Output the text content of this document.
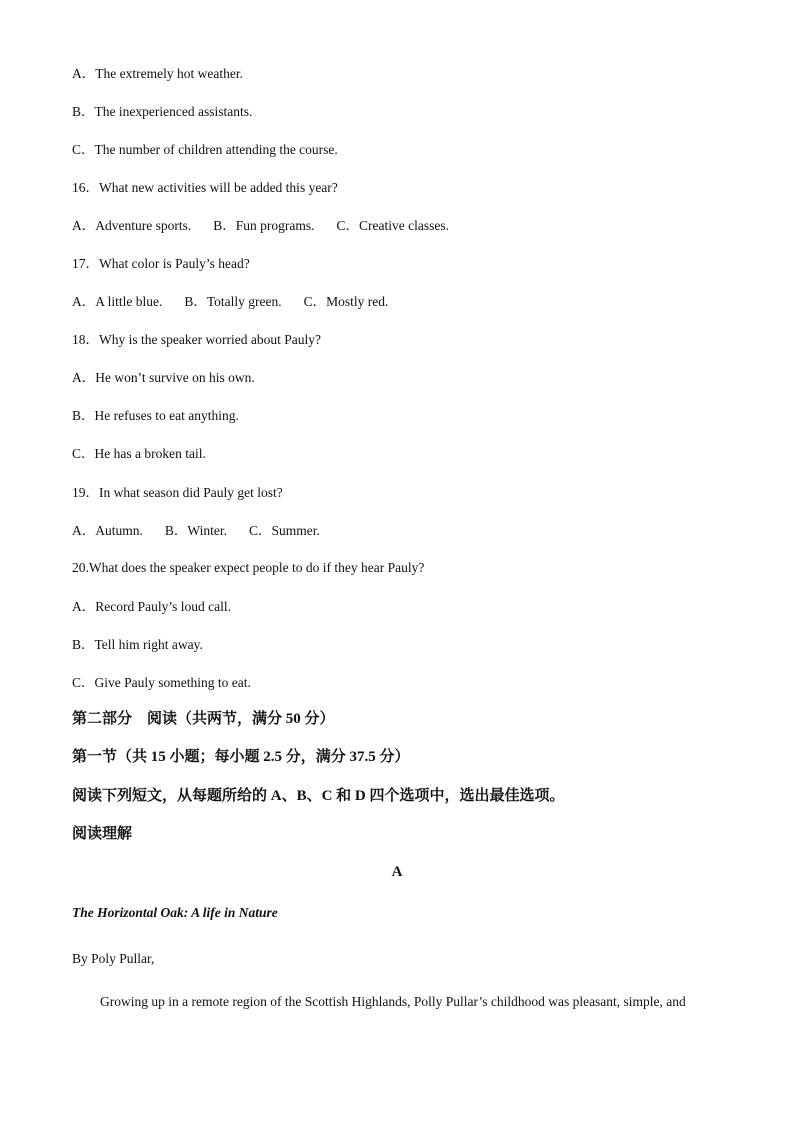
A．The extremely hot weather.
B．The inexperienced assistants.
C．The number of children attending the course.
16．What new activities will be added this year?
A．Adventure sports. B．Fun programs. C．Creative classes.
17．What color is Pauly’s head?
A．A little blue. B．Totally green. C．Mostly red.
18．Why is the speaker worried about Pauly?
A．He won’t survive on his own.
B．He refuses to eat anything.
C．He has a broken tail.
19．In what season did Pauly get lost?
A．Autumn. B．Winter. C．Summer.
20.What does the speaker expect people to do if they hear Pauly?
A．Record Pauly’s loud call.
B．Tell him right away.
C．Give Pauly something to eat.
第二部分　阅读（共两节，满分 50 分）
第一节（共 15 小题；每小题 2.5 分，满分 37.5 分）
阅读下列短文，从每题所给的 A、B、C 和 D 四个选项中，选出最佳选项。
阅读理解
A
The Horizontal Oak: A life in Nature
By Poly Pullar,
Growing up in a remote region of the Scottish Highlands, Polly Pullar’s childhood was pleasant, simple, and
